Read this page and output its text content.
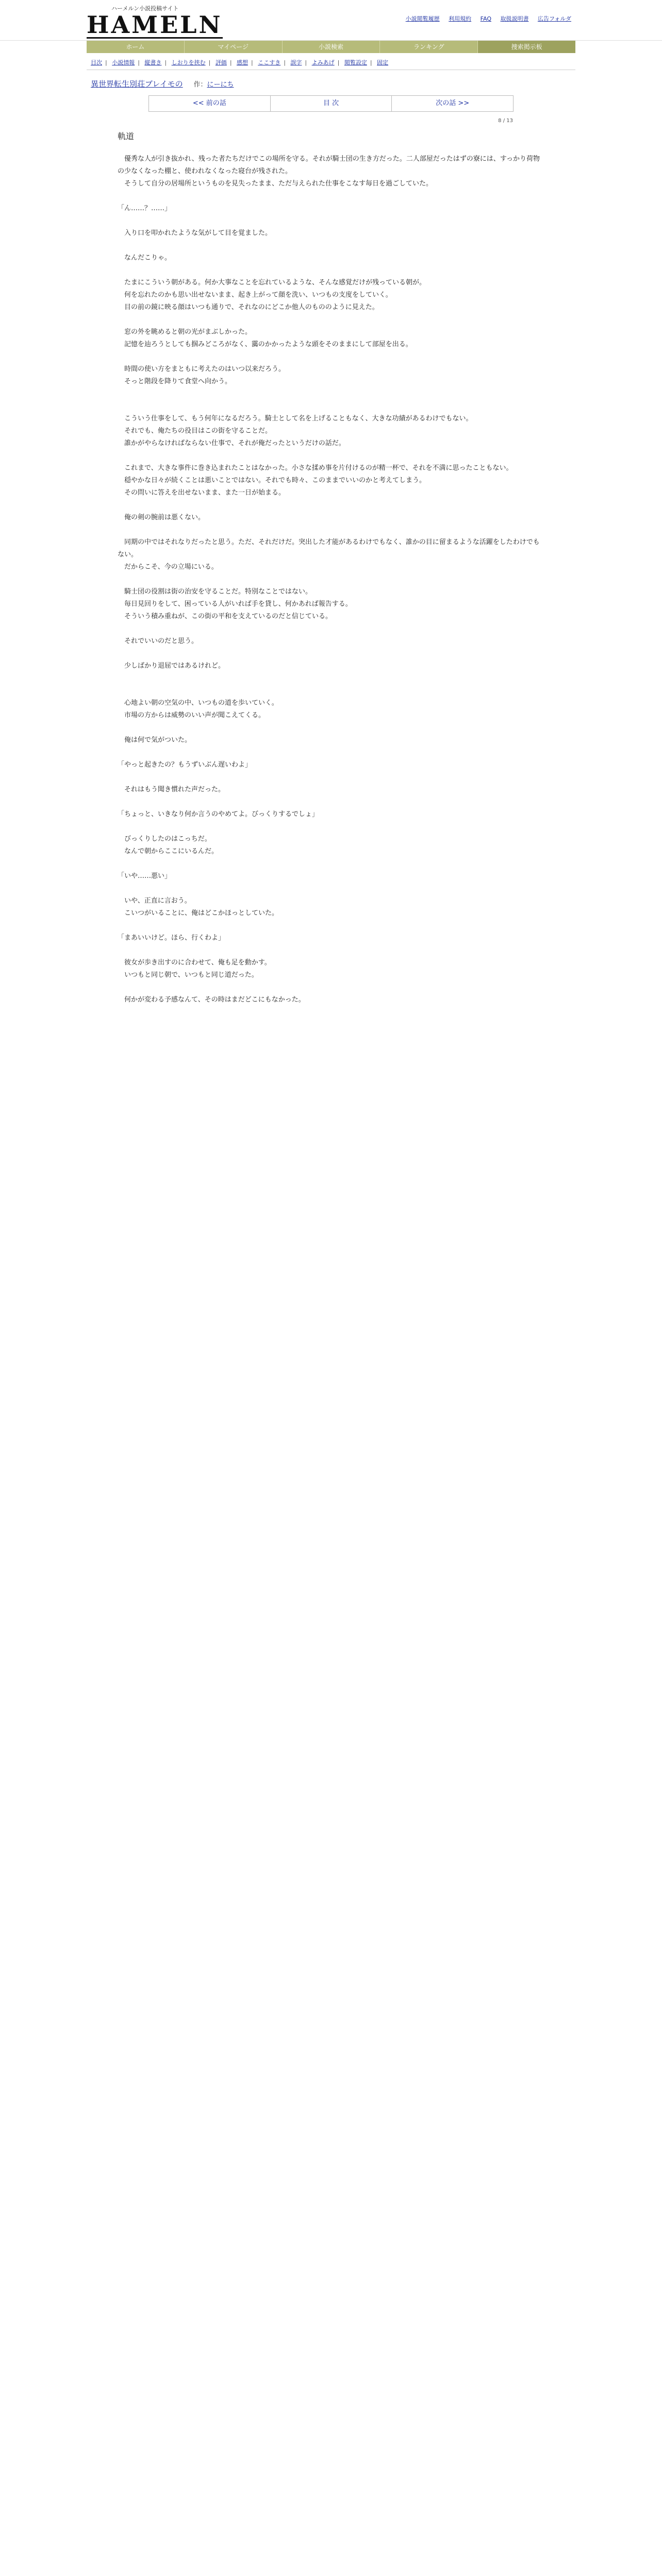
ハーメルン小説投稿サイト
HAMELN	小説閲覧履歴 利用規約 FAQ 取扱説明書 広告フォルダ
ホーム	マイページ	小説検索	ランキング	捜索掲示板
目次 | 小説情報 | 縦書き | しおりを挟む | 評価 | 感想 | ここすき | 誤字 | よみあげ | 閲覧設定 | 固定
異世界転生別荘ブレイモの 作：にーにち
<< 前の話	目 次	次の話 >>
8 / 13
軌道

　優秀な人が引き抜かれ、残った者たちだけでこの場所を守る。それが騎士団の生き方だった。二人部屋だったはずの寮には、すっかり荷物の少なくなった棚と、使われなくなった寝台が残された。

　そうして自分の居場所というものを見失ったまま、ただ与えられた仕事をこなす毎日を過ごしていた。

「ん……？……」

　入り口を叩かれたような気がして目を覚ました。

　なんだこりゃ。

　たまにこういう朝がある。何か大事なことを忘れているような、そんな感覚だけが残っている朝が。

　何を忘れたのかも思い出せないまま、起き上がって顔を洗い、いつもの支度をしていく。

　目の前の鏡に映る顔はいつも通りで、それなのにどこか他人のもののように見えた。

　窓の外を眺めると朝の光がまぶしかった。

　記憶を辿ろうとしても掴みどころがなく、靄のかかったような頭をそのままにして部屋を出る。

　時間の使い方をまともに考えたのはいつ以来だろう。

　そっと階段を降りて食堂へ向かう。

　こういう仕事をして、もう何年になるだろう。騎士として名を上げることもなく、大きな功績があるわけでもない。

　それでも、俺たちの役目はこの街を守ることだ。

　誰かがやらなければならない仕事で、それが俺だったというだけの話だ。

　これまで、大きな事件に巻き込まれたことはなかった。小さな揉め事を片付けるのが精一杯で、それを不満に思ったこともない。

　穏やかな日々が続くことは悪いことではない。それでも時々、このままでいいのかと考えてしまう。

　その問いに答えを出せないまま、また一日が始まる。

　俺の剣の腕前は悪くない。

　同期の中ではそれなりだったと思う。ただ、それだけだ。突出した才能があるわけでもなく、誰かの目に留まるような活躍をしたわけでもない。

　だからこそ、今の立場にいる。

　騎士団の役割は街の治安を守ることだ。特別なことではない。

　毎日見回りをして、困っている人がいれば手を貸し、何かあれば報告する。

　そういう積み重ねが、この街の平和を支えているのだと信じている。

　それでいいのだと思う。

　少しばかり退屈ではあるけれど。

　心地よい朝の空気の中、いつもの道を歩いていく。

　市場の方からは威勢のいい声が聞こえてくる。

　俺は何で気がついた。

「やっと起きたの？もうずいぶん遅いわよ」

　それはもう聞き慣れた声だった。

「ちょっと、いきなり何か言うのやめてよ。びっくりするでしょ」

　びっくりしたのはこっちだ。

　なんで朝からここにいるんだ。

「いや……悪い」

　いや、正直に言おう。

　こいつがいることに、俺はどこかほっとしていた。

「まあいいけど。ほら、行くわよ」

　彼女が歩き出すのに合わせて、俺も足を動かす。

　いつもと同じ朝で、いつもと同じ道だった。

　何かが変わる予感なんて、その時はまだどこにもなかった。
